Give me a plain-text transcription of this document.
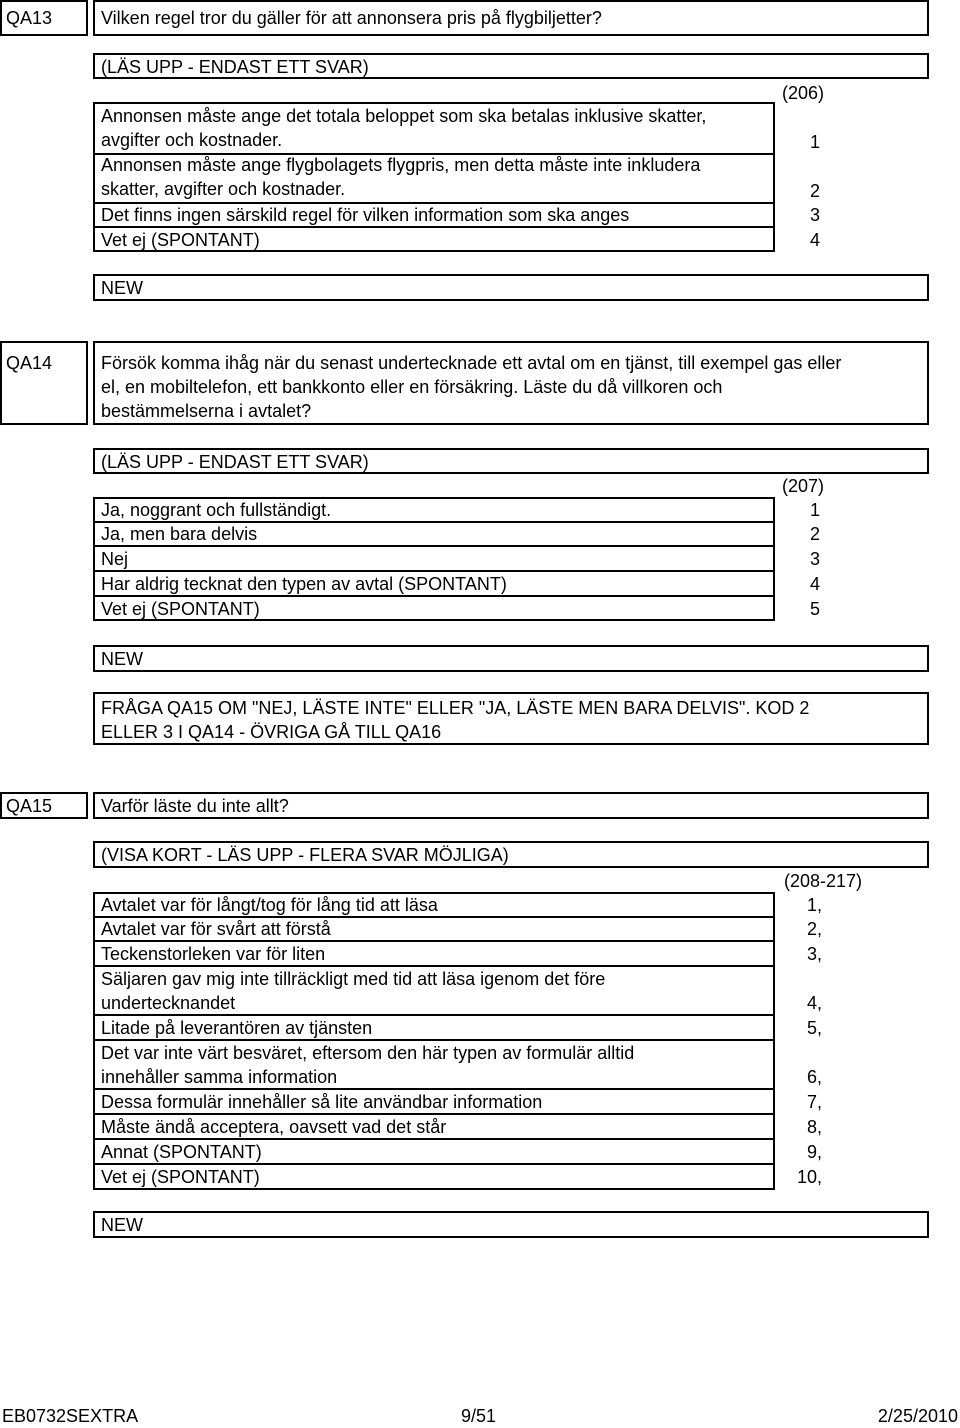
QA13	Vilken regel tror du gäller för att annonsera pris på flygbiljetter?
(LÄS UPP - ENDAST ETT SVAR)
(206)
Annonsen måste ange det totala beloppet som ska betalas inklusive skatter,
avgifter och kostnader.	1
Annonsen måste ange flygbolagets flygpris, men detta måste inte inkludera
skatter, avgifter och kostnader.	2
Det finns ingen särskild regel för vilken information som ska anges	3
Vet ej (SPONTANT)	4
NEW
QA14	Försök komma ihåg när du senast undertecknade ett avtal om en tjänst, till exempel gas eller
el, en mobiltelefon, ett bankkonto eller en försäkring. Läste du då villkoren och
bestämmelserna i avtalet?
(LÄS UPP - ENDAST ETT SVAR)
(207)
Ja, noggrant och fullständigt.	1
Ja, men bara delvis	2
Nej	3
Har aldrig tecknat den typen av avtal (SPONTANT)	4
Vet ej (SPONTANT)	5
NEW
FRÅGA QA15 OM "NEJ, LÄSTE INTE" ELLER "JA, LÄSTE MEN BARA DELVIS". KOD 2
ELLER 3 I QA14 - ÖVRIGA GÅ TILL QA16
QA15	Varför läste du inte allt?
(VISA KORT - LÄS UPP - FLERA SVAR MÖJLIGA)
(208-217)
Avtalet var för långt/tog för lång tid att läsa	1,
Avtalet var för svårt att förstå	2,
Teckenstorleken var för liten	3,
Säljaren gav mig inte tillräckligt med tid att läsa igenom det före
undertecknandet	4,
Litade på leverantören av tjänsten	5,
Det var inte värt besväret, eftersom den här typen av formulär alltid
innehåller samma information	6,
Dessa formulär innehåller så lite användbar information	7,
Måste ändå acceptera, oavsett vad det står	8,
Annat (SPONTANT)	9,
Vet ej (SPONTANT)	10,
NEW
EB0732SEXTRA	9/51	2/25/2010
